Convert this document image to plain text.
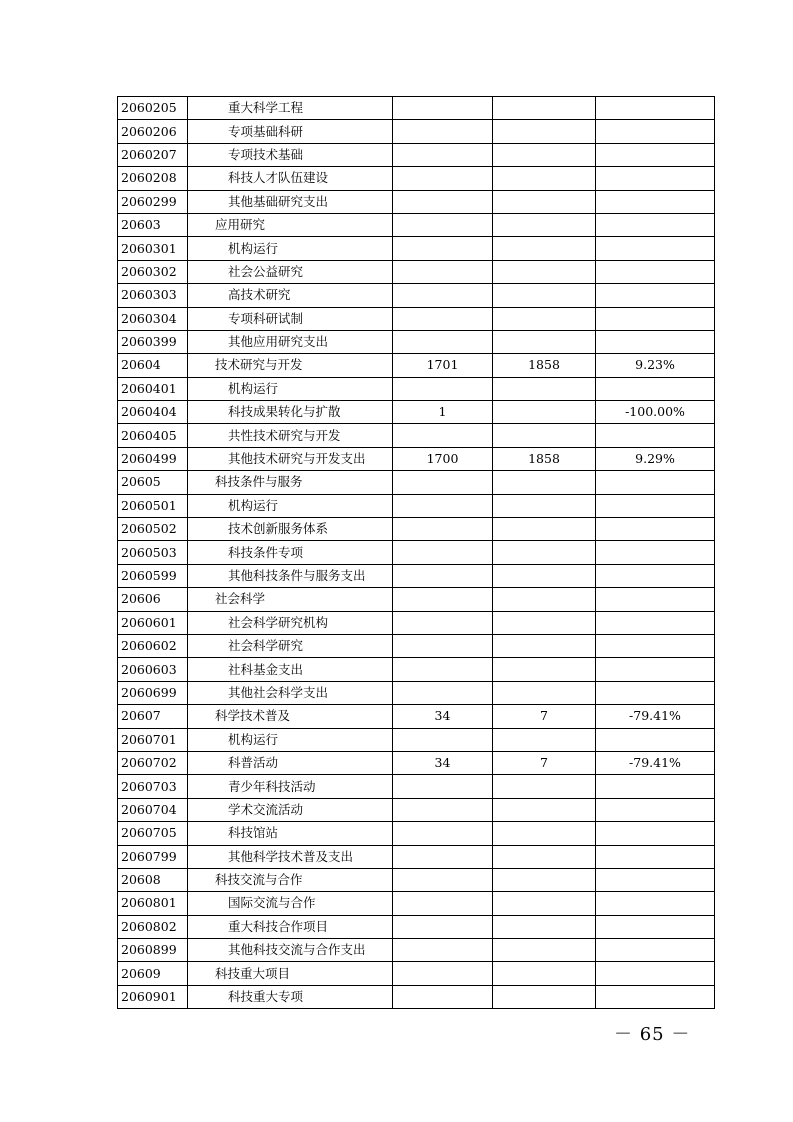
2060205	重大科学工程			
2060206	专项基础科研			
2060207	专项技术基础			
2060208	科技人才队伍建设			
2060299	其他基础研究支出			
20603	应用研究			
2060301	机构运行			
2060302	社会公益研究			
2060303	高技术研究			
2060304	专项科研试制			
2060399	其他应用研究支出			
20604	技术研究与开发	1701	1858	9.23%
2060401	机构运行			
2060404	科技成果转化与扩散	1		-100.00%
2060405	共性技术研究与开发			
2060499	其他技术研究与开发支出	1700	1858	9.29%
20605	科技条件与服务			
2060501	机构运行			
2060502	技术创新服务体系			
2060503	科技条件专项			
2060599	其他科技条件与服务支出			
20606	社会科学			
2060601	社会科学研究机构			
2060602	社会科学研究			
2060603	社科基金支出			
2060699	其他社会科学支出			
20607	科学技术普及	34	7	-79.41%
2060701	机构运行			
2060702	科普活动	34	7	-79.41%
2060703	青少年科技活动			
2060704	学术交流活动			
2060705	科技馆站			
2060799	其他科学技术普及支出			
20608	科技交流与合作			
2060801	国际交流与合作			
2060802	重大科技合作项目			
2060899	其他科技交流与合作支出			
20609	科技重大项目			
2060901	科技重大专项			
－ 65 －
